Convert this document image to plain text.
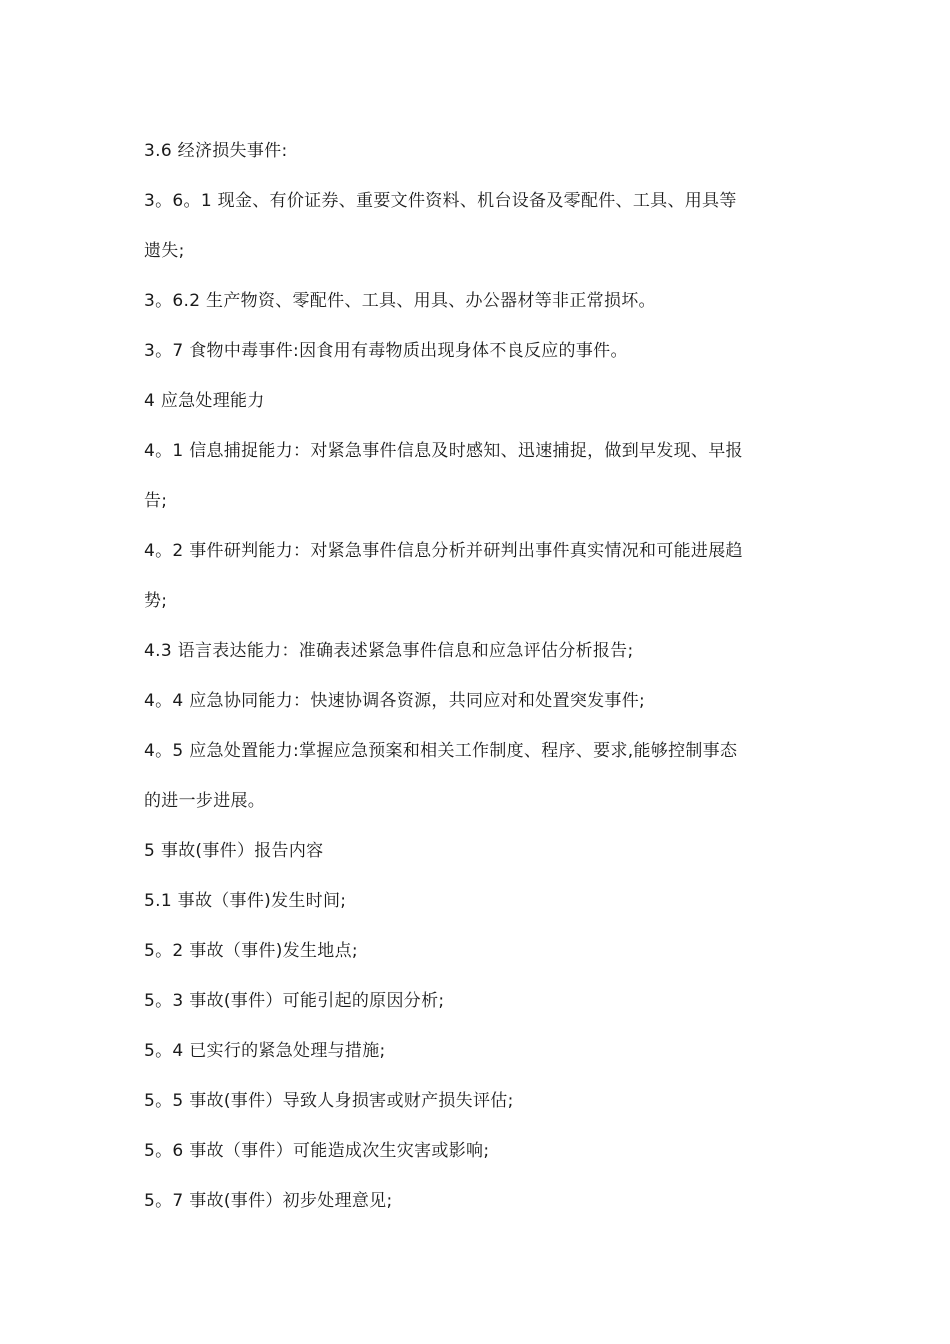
3.6 经济损失事件:
3。6。1 现金、有价证券、重要文件资料、机台设备及零配件、工具、用具等
遗失;
3。6.2 生产物资、零配件、工具、用具、办公器材等非正常损坏。
3。7 食物中毒事件:因食用有毒物质出现身体不良反应的事件。
4 应急处理能力
4。1 信息捕捉能力：对紧急事件信息及时感知、迅速捕捉，做到早发现、早报
告;
4。2 事件研判能力：对紧急事件信息分析并研判出事件真实情况和可能进展趋
势;
4.3 语言表达能力：准确表述紧急事件信息和应急评估分析报告;
4。4 应急协同能力：快速协调各资源，共同应对和处置突发事件;
4。5 应急处置能力:掌握应急预案和相关工作制度、程序、要求,能够控制事态
的进一步进展。
5 事故(事件）报告内容
5.1 事故（事件)发生时间;
5。2 事故（事件)发生地点;
5。3 事故(事件）可能引起的原因分析;
5。4 已实行的紧急处理与措施;
5。5 事故(事件）导致人身损害或财产损失评估;
5。6 事故（事件）可能造成次生灾害或影响;
5。7 事故(事件）初步处理意见;
